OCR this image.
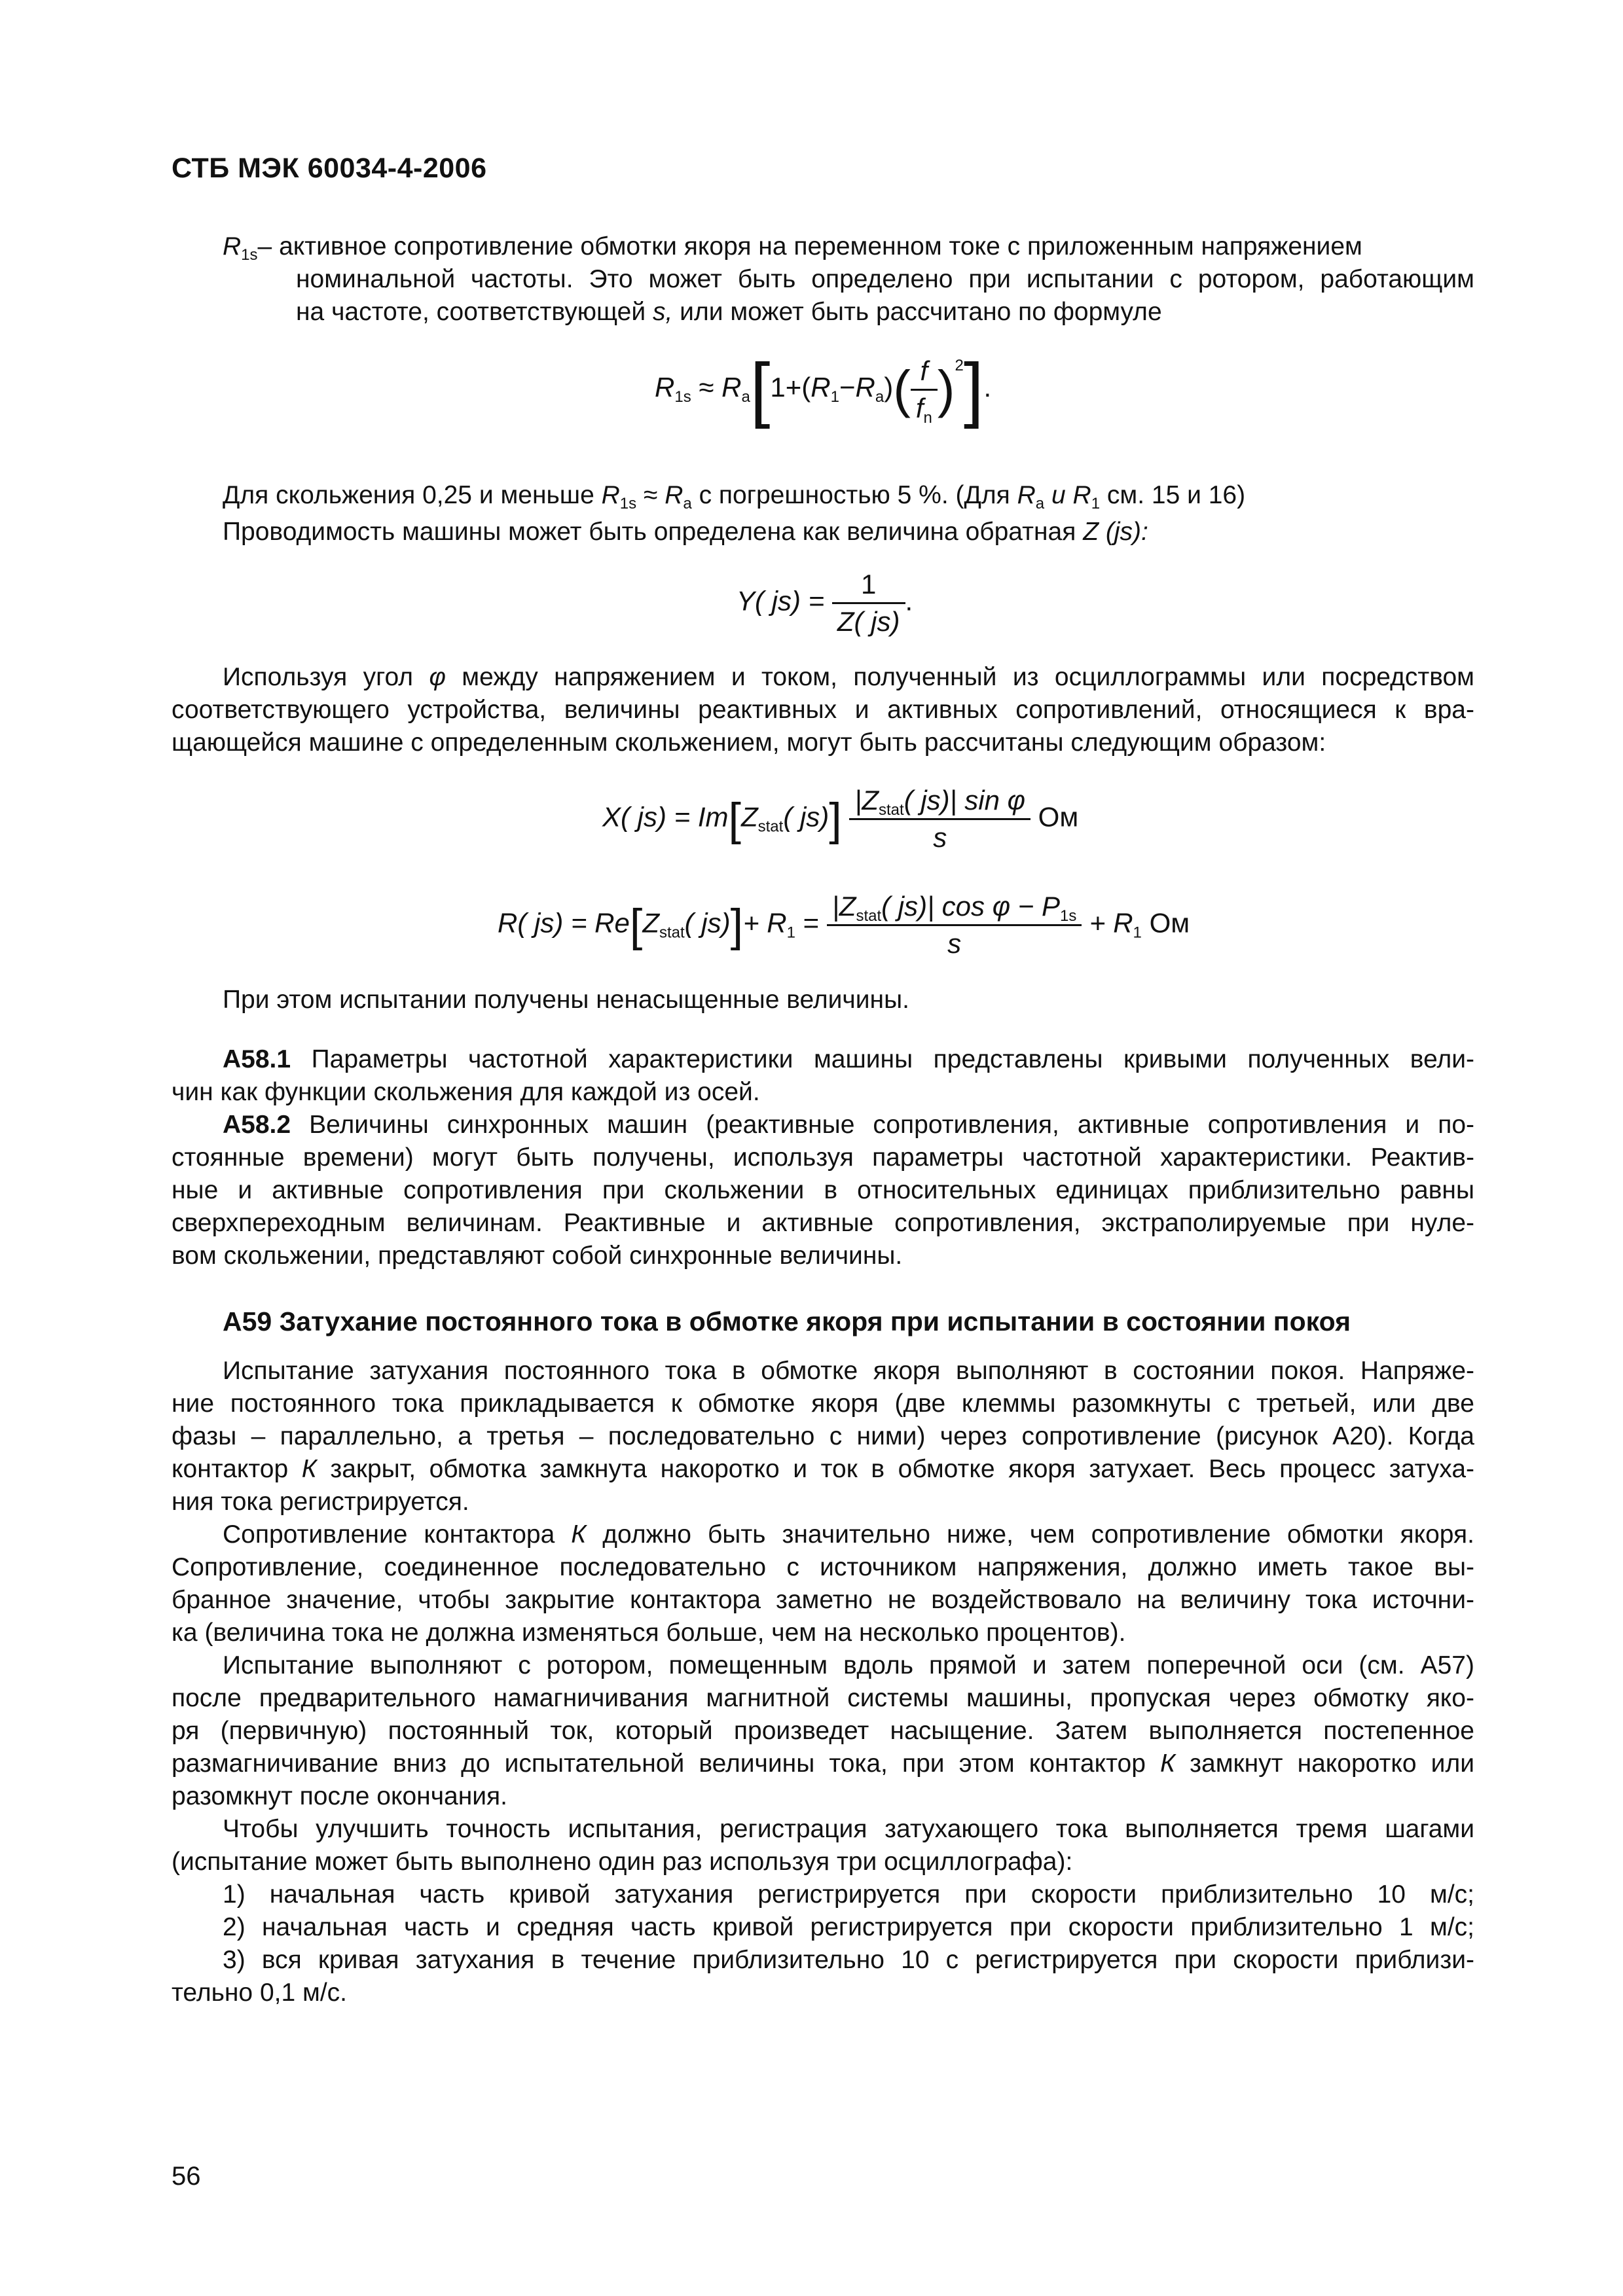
СТБ МЭК 60034-4-2006
$R_{1s}-$ активное сопротивление обмотки якоря на переменном токе с приложенным напряжением
номинальной частоты. Это может быть определено при испытании с ротором, работающим
на частоте, соответствующей s, или может быть рассчитано по формуле
$R_{1s} \approx R_a[1+(R_1-R_a)( \frac{f}{f_n} )^2]$.
Для скольжения 0,25 и меньше $R_{1s} \approx R_a$ с погрешностью 5 %. (Для $R_a$ и $R_1$ см. 15 и 16)
Проводимость машины может быть определена как величина обратная Z (js):
Y( $js) = \frac{1}{Z( js)}$ .
Используя угол φ между напряжением и током, полученный из осциллограммы или посредством
соответствующего устройства, величины реактивных и активных сопротивлений, относящиеся к вра-
щающейся машине с определенным скольжением, могут быть рассчитаны следующим образом:
X( $js) = Im[Z_{stat}$( $js)] \frac{|Z_{stat}( js)| \sin \varphi}{s}$ Ом
R( $js) = Re[Z_{stat}$( $js)]+ R_1 = \frac{|Z_{stat}( js)| \cos \varphi - P_{1s}}{s} + R_1$ Ом
При этом испытании получены ненасыщенные величины.
А58.1 Параметры частотной характеристики машины представлены кривыми полученных вели-
чин как функции скольжения для каждой из осей.
А58.2 Величины синхронных машин (реактивные сопротивления, активные сопротивления и по-
стоянные времени) могут быть получены, используя параметры частотной характеристики. Реактив-
ные и активные сопротивления при скольжении в относительных единицах приблизительно равны
сверхпереходным величинам. Реактивные и активные сопротивления, экстраполируемые при нуле-
вом скольжении, представляют собой синхронные величины.
А59 Затухание постоянного тока в обмотке якоря при испытании в состоянии покоя
Испытание затухания постоянного тока в обмотке якоря выполняют в состоянии покоя. Напряже-
ние постоянного тока прикладывается к обмотке якоря (две клеммы разомкнуты с третьей, или две
фазы – параллельно, а третья – последовательно с ними) через сопротивление (рисунок А20). Когда
контактор К закрыт, обмотка замкнута накоротко и ток в обмотке якоря затухает. Весь процесс затуха-
ния тока регистрируется.
Сопротивление контактора К должно быть значительно ниже, чем сопротивление обмотки якоря.
Сопротивление, соединенное последовательно с источником напряжения, должно иметь такое вы-
бранное значение, чтобы закрытие контактора заметно не воздействовало на величину тока источни-
ка (величина тока не должна изменяться больше, чем на несколько процентов).
Испытание выполняют с ротором, помещенным вдоль прямой и затем поперечной оси (см. А57)
после предварительного намагничивания магнитной системы машины, пропуская через обмотку яко-
ря (первичную) постоянный ток, который произведет насыщение. Затем выполняется постепенное
размагничивание вниз до испытательной величины тока, при этом контактор К замкнут накоротко или
разомкнут после окончания.
Чтобы улучшить точность испытания, регистрация затухающего тока выполняется тремя шагами
(испытание может быть выполнено один раз используя три осциллографа):
1) начальная часть кривой затухания регистрируется при скорости приблизительно 10 м/с;
2) начальная часть и средняя часть кривой регистрируется при скорости приблизительно 1 м/с;
3) вся кривая затухания в течение приблизительно 10 с регистрируется при скорости приблизи-
тельно 0,1 м/с.
56
